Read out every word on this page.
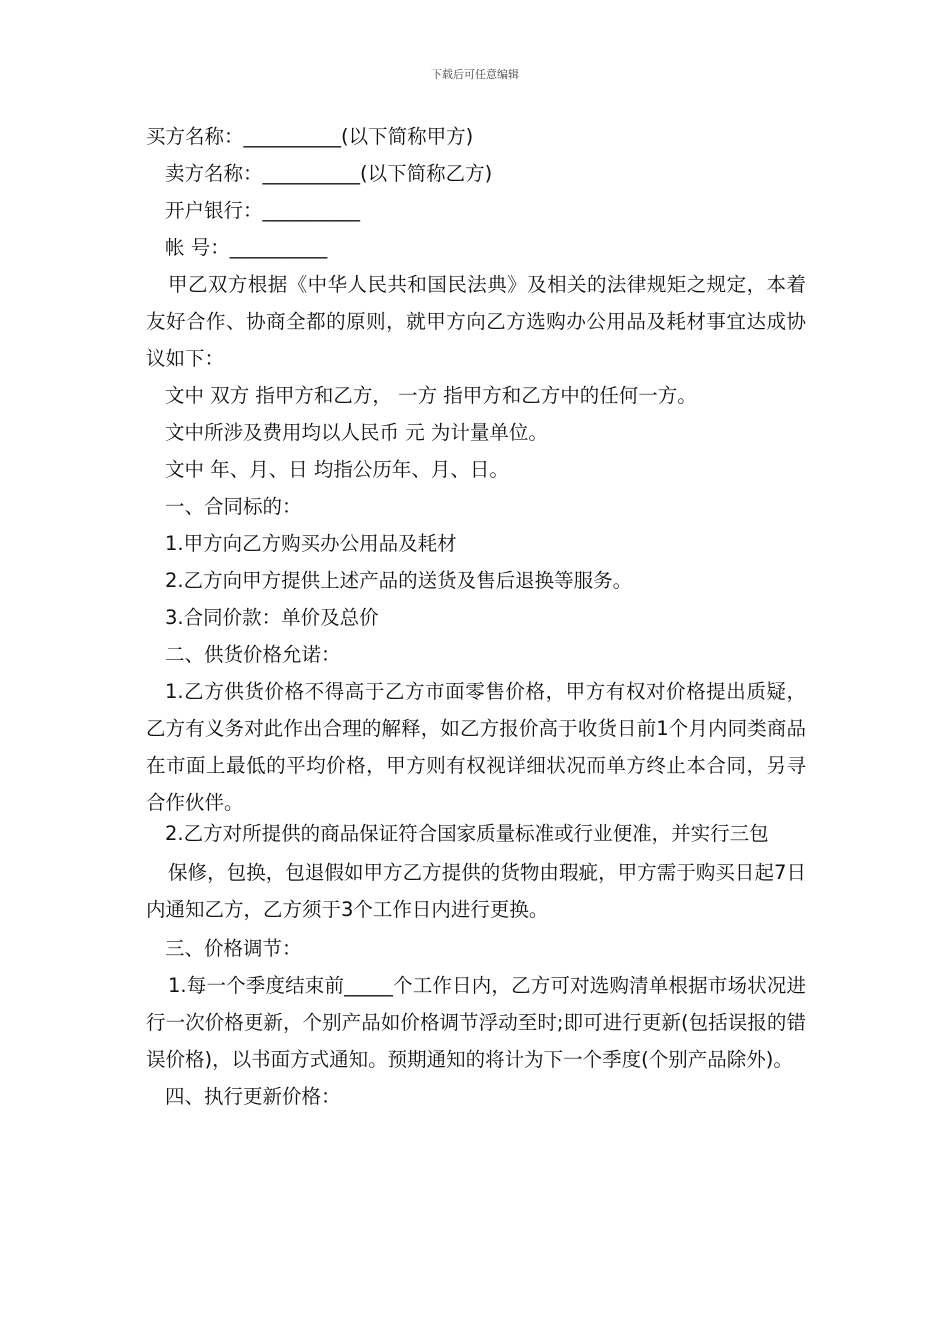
下载后可任意编辑
买方名称：__________(以下简称甲方)
卖方名称：__________(以下简称乙方)
开户银行：__________
帐 号：__________
甲乙双方根据《中华人民共和国民法典》及相关的法律规矩之规定，本着友好合作、协商全都的原则，就甲方向乙方选购办公用品及耗材事宜达成协议如下：
文中 双方 指甲方和乙方， 一方 指甲方和乙方中的任何一方。
文中所涉及费用均以人民币 元 为计量单位。
文中 年、月、日 均指公历年、月、日。
一、合同标的：
1.甲方向乙方购买办公用品及耗材
2.乙方向甲方提供上述产品的送货及售后退换等服务。
3.合同价款：单价及总价
二、供货价格允诺：
1.乙方供货价格不得高于乙方市面零售价格，甲方有权对价格提出质疑，乙方有义务对此作出合理的解释，如乙方报价高于收货日前1个月内同类商品在市面上最低的平均价格，甲方则有权视详细状况而单方终止本合同，另寻合作伙伴。
2.乙方对所提供的商品保证符合国家质量标准或行业便准，并实行三包
保修，包换，包退假如甲方乙方提供的货物由瑕疵，甲方需于购买日起7日内通知乙方，乙方须于3个工作日内进行更换。
三、价格调节：
1.每一个季度结束前_____个工作日内，乙方可对选购清单根据市场状况进行一次价格更新，个别产品如价格调节浮动至时;即可进行更新(包括误报的错误价格)，以书面方式通知。预期通知的将计为下一个季度(个别产品除外)。
四、执行更新价格：
